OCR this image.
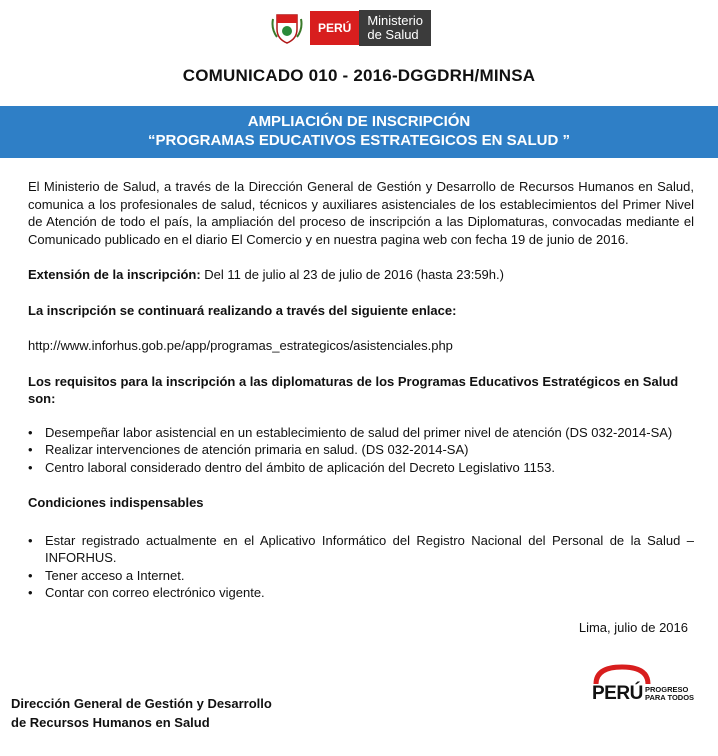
PERÚ	Ministerio
de Salud
COMUNICADO 010 - 2016-DGGDRH/MINSA
AMPLIACIÓN DE INSCRIPCIÓN
“PROGRAMAS EDUCATIVOS ESTRATEGICOS EN SALUD ”

El Ministerio de Salud, a través de la Dirección General de Gestión y Desarrollo de Recursos Humanos en Salud, comunica a los profesionales de salud, técnicos y auxiliares asistenciales de los establecimientos del Primer Nivel de Atención de todo el país, la ampliación del proceso de inscripción a las Diplomaturas, convocadas mediante el Comunicado publicado en el diario El Comercio y en nuestra pagina web con fecha 19 de junio de 2016.

Extensión de la inscripción: Del 11 de julio al 23 de julio de 2016 (hasta 23:59h.)

La inscripción se continuará realizando a través del siguiente enlace:

http://www.inforhus.gob.pe/app/programas_estrategicos/asistenciales.php

Los requisitos para la inscripción a las diplomaturas de los Programas Educativos Estratégicos en Salud son:

• Desempeñar labor asistencial en un establecimiento de salud del primer nivel de atención (DS 032-2014-SA)
• Realizar intervenciones de atención primaria en salud. (DS 032-2014-SA)
• Centro laboral considerado dentro del ámbito de aplicación del Decreto Legislativo 1153.

Condiciones indispensables

• Estar registrado actualmente en el Aplicativo Informático del Registro Nacional del Personal de la Salud – INFORHUS.
• Tener acceso a Internet.
• Contar con correo electrónico vigente.
Lima, julio de 2016
Dirección General de Gestión y Desarrollo
de Recursos Humanos en Salud
PERÚ PROGRESO
PARA TODOS
